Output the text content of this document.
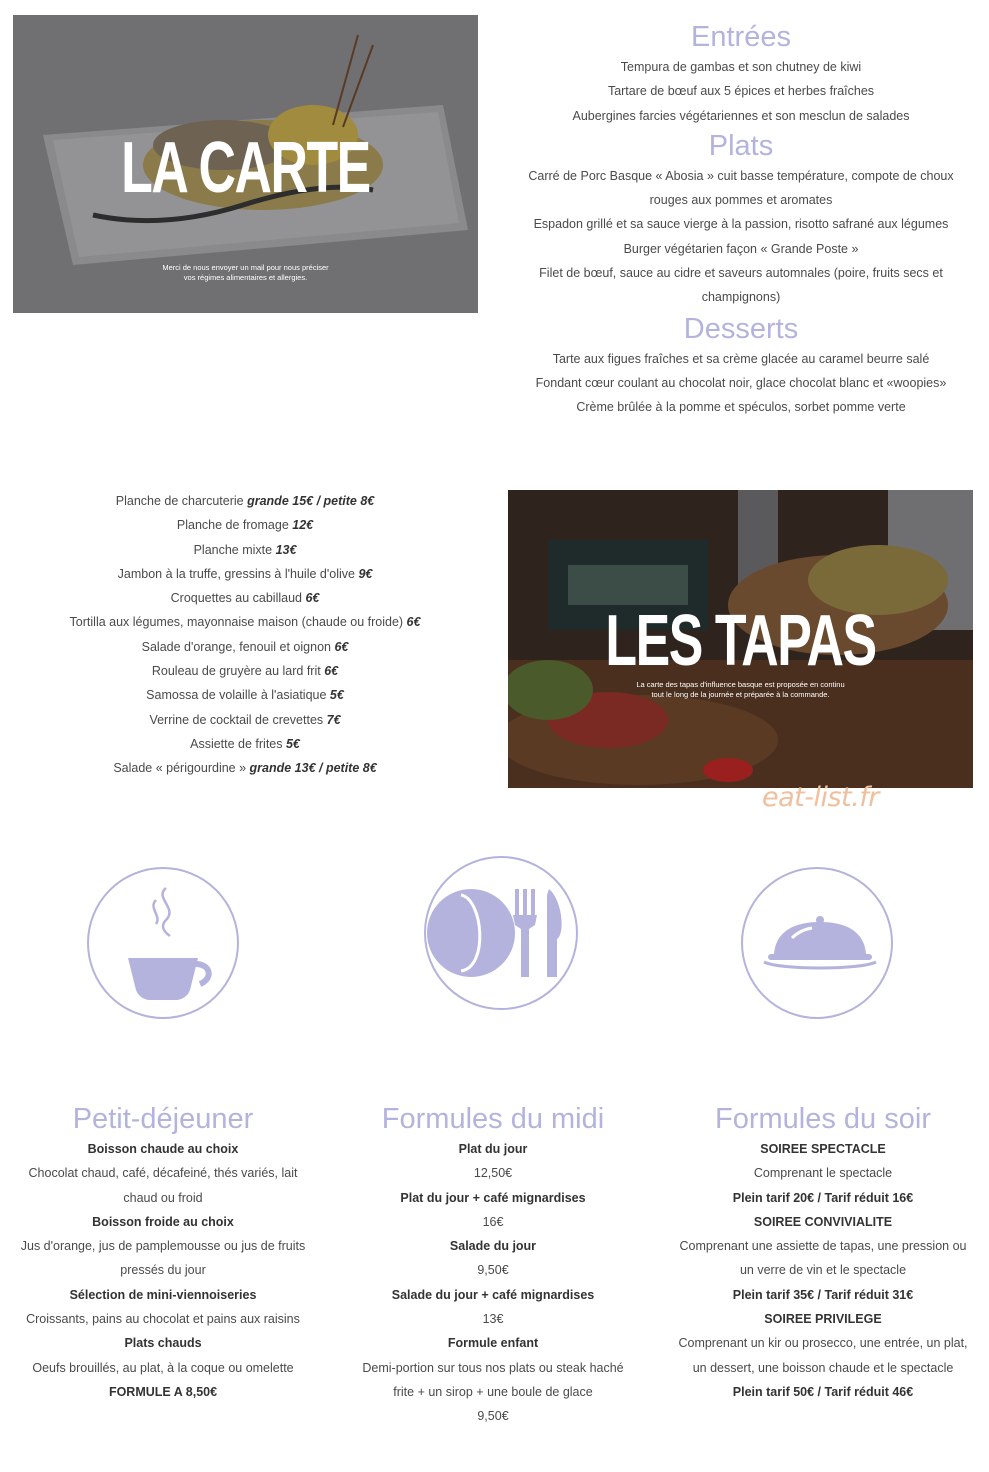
LA CARTE
Merci de nous envoyer un mail pour nous préciser
vos régimes alimentaires et allergies.
Entrées

Tempura de gambas et son chutney de kiwi

Tartare de bœuf aux 5 épices et herbes fraîches

Aubergines farcies végétariennes et son mesclun de salades

Plats

Carré de Porc Basque « Abosia » cuit basse température, compote de choux

rouges aux pommes et aromates

Espadon grillé et sa sauce vierge à la passion, risotto safrané aux légumes

Burger végétarien façon « Grande Poste »

Filet de bœuf, sauce au cidre et saveurs automnales (poire, fruits secs et

champignons)

Desserts

Tarte aux figues fraîches et sa crème glacée au caramel beurre salé

Fondant cœur coulant au chocolat noir, glace chocolat blanc et «woopies»

Crème brûlée à la pomme et spéculos, sorbet pomme verte

Planche de charcuterie grande 15€ / petite 8€

Planche de fromage 12€

Planche mixte 13€

Jambon à la truffe, gressins à l'huile d'olive 9€

Croquettes au cabillaud 6€

Tortilla aux légumes, mayonnaise maison (chaude ou froide) 6€

Salade d'orange, fenouil et oignon 6€

Rouleau de gruyère au lard frit 6€

Samossa de volaille à l'asiatique 5€

Verrine de cocktail de crevettes 7€

Assiette de frites 5€

Salade « périgourdine » grande 13€ / petite 8€

LES TAPAS
La carte des tapas d'influence basque est proposée en continu
tout le long de la journée et préparée à la commande.
eat-list.fr
Petit-déjeuner

Boisson chaude au choix

Chocolat chaud, café, décafeiné, thés variés, lait

chaud ou froid

Boisson froide au choix

Jus d'orange, jus de pamplemousse ou jus de fruits

pressés du jour

Sélection de mini-viennoiseries

Croissants, pains au chocolat et pains aux raisins

Plats chauds

Oeufs brouillés, au plat, à la coque ou omelette

FORMULE A 8,50€

Formules du midi

Plat du jour

12,50€

Plat du jour + café mignardises

16€

Salade du jour

9,50€

Salade du jour + café mignardises

13€

Formule enfant

Demi-portion sur tous nos plats ou steak haché

frite + un sirop + une boule de glace

9,50€

Formules du soir

SOIREE SPECTACLE

Comprenant le spectacle

Plein tarif 20€ / Tarif réduit 16€

SOIREE CONVIVIALITE

Comprenant une assiette de tapas, une pression ou

un verre de vin et le spectacle

Plein tarif 35€ / Tarif réduit 31€

SOIREE PRIVILEGE

Comprenant un kir ou prosecco, une entrée, un plat,

un dessert, une boisson chaude et le spectacle

Plein tarif 50€ / Tarif réduit 46€
